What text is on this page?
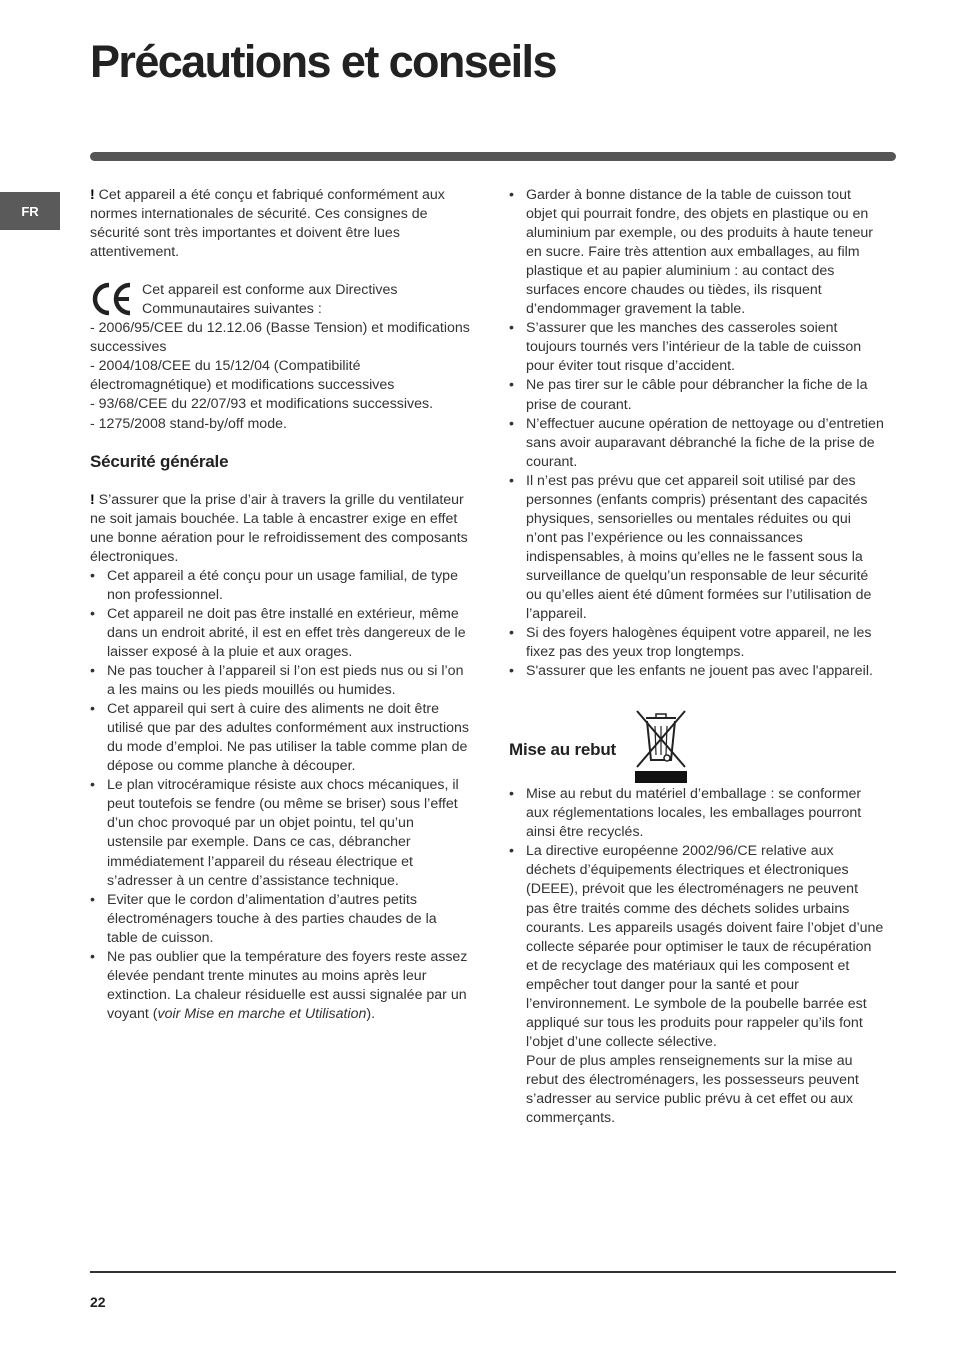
Précautions et conseils
FR

! Cet appareil a été conçu et fabriqué conformément aux normes internationales de sécurité. Ces consignes de sécurité sont très importantes et doivent être lues attentivement.

Cet appareil est conforme aux Directives Communautaires suivantes :

- 2006/95/CEE du 12.12.06 (Basse Tension) et modifications successives

- 2004/108/CEE du 15/12/04 (Compatibilité électromagnétique) et modifications successives

- 93/68/CEE du 22/07/93 et modifications successives.

- 1275/2008 stand-by/off mode.

Sécurité générale

! S’assurer que la prise d’air à travers la grille du ventilateur ne soit jamais bouchée. La table à encastrer exige en effet une bonne aération pour le refroidissement des composants électroniques.

• Cet appareil a été conçu pour un usage familial, de type non professionnel.
• Cet appareil ne doit pas être installé en extérieur, même dans un endroit abrité, il est en effet très dangereux de le laisser exposé à la pluie et aux orages.
• Ne pas toucher à l’appareil si l’on est pieds nus ou si l’on a les mains ou les pieds mouillés ou humides.
• Cet appareil qui sert à cuire des aliments ne doit être utilisé que par des adultes conformément aux instructions du mode d’emploi. Ne pas utiliser la table comme plan de dépose ou comme planche à découper.
• Le plan vitrocéramique résiste aux chocs mécaniques, il peut toutefois se fendre (ou même se briser) sous l’effet d’un choc provoqué par un objet pointu, tel qu’un ustensile par exemple. Dans ce cas, débrancher immédiatement l’appareil du réseau électrique et s’adresser à un centre d’assistance technique.
• Eviter que le cordon d’alimentation d’autres petits électroménagers touche à des parties chaudes de la table de cuisson.
• Ne pas oublier que la température des foyers reste assez élevée pendant trente minutes au moins après leur extinction. La chaleur résiduelle est aussi signalée par un voyant (voir Mise en marche et Utilisation).
• Garder à bonne distance de la table de cuisson tout objet qui pourrait fondre, des objets en plastique ou en aluminium par exemple, ou des produits à haute teneur en sucre. Faire très attention aux emballages, au film plastique et au papier aluminium : au contact des surfaces encore chaudes ou tièdes, ils risquent d’endommager gravement la table.
• S’assurer que les manches des casseroles soient toujours tournés vers l’intérieur de la table de cuisson pour éviter tout risque d’accident.
• Ne pas tirer sur le câble pour débrancher la fiche de la prise de courant.
• N’effectuer aucune opération de nettoyage ou d’entretien sans avoir auparavant débranché la fiche de la prise de courant.
• Il n’est pas prévu que cet appareil soit utilisé par des personnes (enfants compris) présentant des capacités physiques, sensorielles ou mentales réduites ou qui n’ont pas l’expérience ou les connaissances indispensables, à moins qu’elles ne le fassent sous la surveillance de quelqu’un responsable de leur sécurité ou qu’elles aient été dûment formées sur l’utilisation de l’appareil.
• Si des foyers halogènes équipent votre appareil, ne les fixez pas des yeux trop longtemps.
• S'assurer que les enfants ne jouent pas avec l'appareil.
Mise au rebut
• Mise au rebut du matériel d’emballage : se conformer aux réglementations locales, les emballages pourront ainsi être recyclés.
• La directive européenne 2002/96/CE relative aux déchets d’équipements électriques et électroniques (DEEE), prévoit que les électroménagers ne peuvent pas être traités comme des déchets solides urbains courants. Les appareils usagés doivent faire l’objet d’une collecte séparée pour optimiser le taux de récupération et de recyclage des matériaux qui les composent et empêcher tout danger pour la santé et pour l’environnement. Le symbole de la poubelle barrée est appliqué sur tous les produits pour rappeler qu’ils font l’objet d’une collecte sélective.
Pour de plus amples renseignements sur la mise au rebut des électroménagers, les possesseurs peuvent s’adresser au service public prévu à cet effet ou aux commerçants.
22
